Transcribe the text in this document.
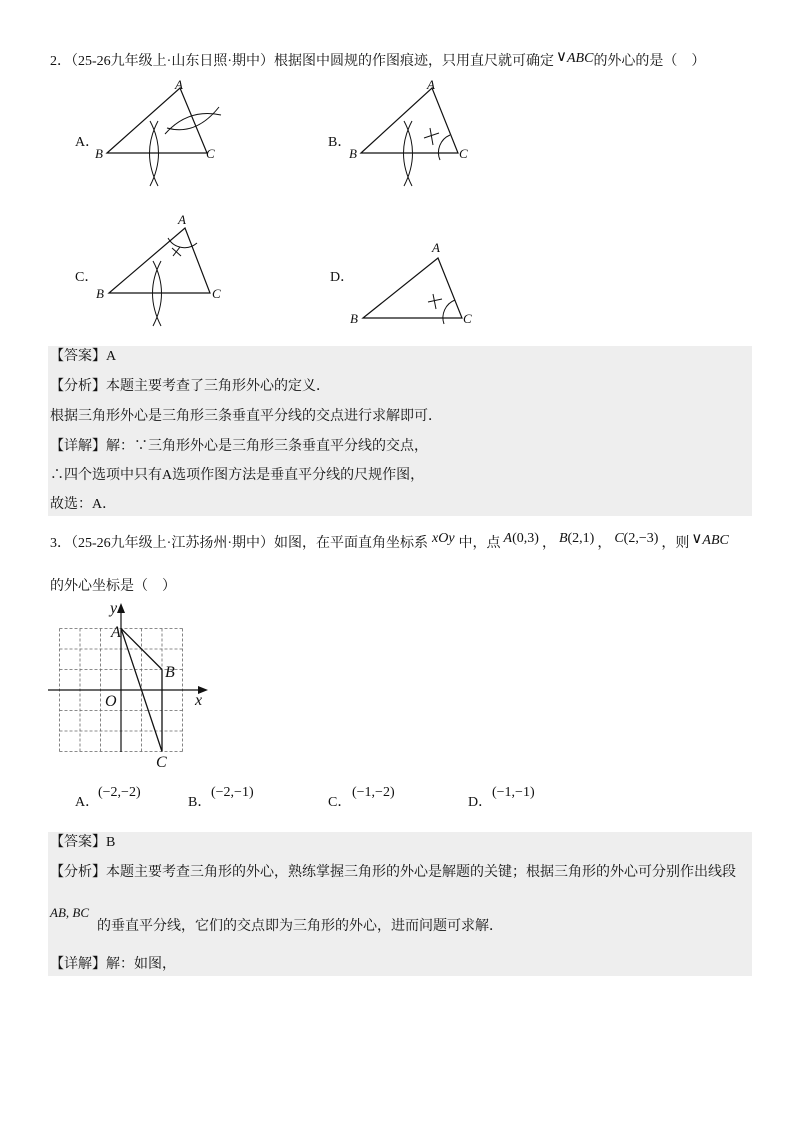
2．（25-26九年级上·山东日照·期中）根据图中圆规的作图痕迹，只用直尺就可确定 ∨ABC的外心的是（　）
A．
A
B	C
B．
A
B	C
C．
A
B	C
D．
A
B	C
【答案】A
【分析】本题主要考查了三角形外心的定义．
根据三角形外心是三角形三条垂直平分线的交点进行求解即可．
【详解】解：∵三角形外心是三角形三条垂直平分线的交点，
∴四个选项中只有A选项作图方法是垂直平分线的尺规作图，
故选：A．
3．（25-26九年级上·江苏扬州·期中）如图，在平面直角坐标系 xOy 中，点 A(0,3) ， B(2,1) ， C(2,−3) ，则 ∨ABC
的外心坐标是（　）
y
x
O
A
B
C
A．
(−2,−2)
B．
(−2,−1)
C．
(−1,−2)
D．
(−1,−1)
【答案】B
【分析】本题主要考查三角形的外心，熟练掌握三角形的外心是解题的关键；根据三角形的外心可分别作出线段
AB, BC
的垂直平分线，它们的交点即为三角形的外心，进而问题可求解．
【详解】解：如图，
